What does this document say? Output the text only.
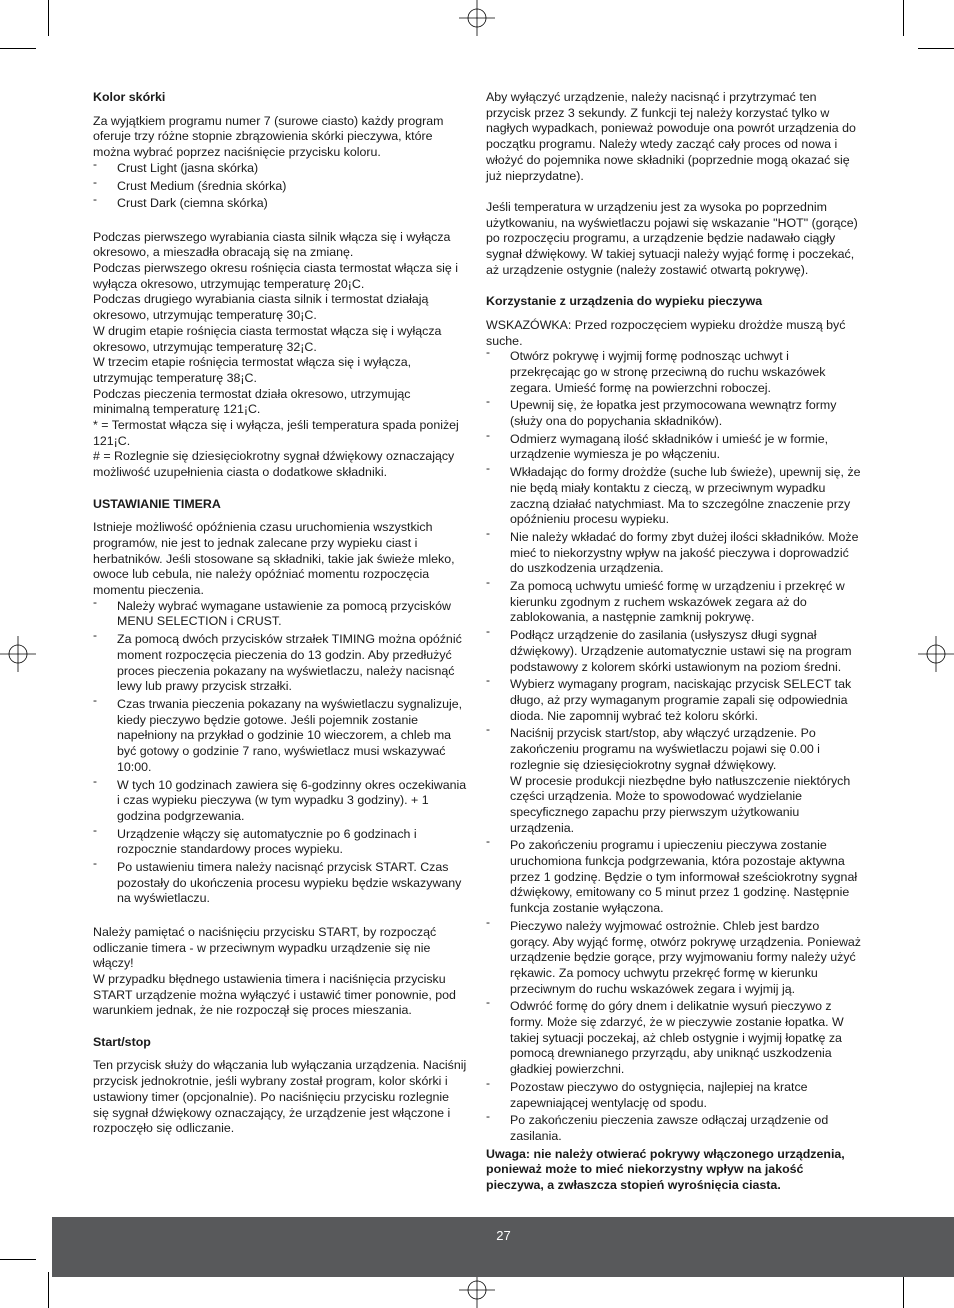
Kolor skórki

Za wyjątkiem programu numer 7 (surowe ciasto) każdy program oferuje trzy różne stopnie zbrązowienia skórki pieczywa, które można wybrać poprzez naciśnięcie przycisku koloru.

- Crust Light (jasna skórka)
- Crust Medium (średnia skórka)
- Crust Dark (ciemna skórka)

Podczas pierwszego wyrabiania ciasta silnik włącza się i wyłącza okresowo, a mieszadła obracają się na zmianę.

Podczas pierwszego okresu rośnięcia ciasta termostat włącza się i wyłącza okresowo, utrzymując temperaturę 20¡C.

Podczas drugiego wyrabiania ciasta silnik i termostat działają okresowo, utrzymując temperaturę 30¡C.

W drugim etapie rośnięcia ciasta termostat włącza się i wyłącza okresowo, utrzymując temperaturę 32¡C.

W trzecim etapie rośnięcia termostat włącza się i wyłącza, utrzymując temperaturę 38¡C.

Podczas pieczenia termostat działa okresowo, utrzymując minimalną temperaturę 121¡C.

* = Termostat włącza się i wyłącza, jeśli temperatura spada poniżej 121¡C.

# = Rozlegnie się dziesięciokrotny sygnał dźwiękowy oznaczający możliwość uzupełnienia ciasta o dodatkowe składniki.

USTAWIANIE TIMERA

Istnieje możliwość opóźnienia czasu uruchomienia wszystkich programów, nie jest to jednak zalecane przy wypieku ciast i herbatników. Jeśli stosowane są składniki, takie jak świeże mleko, owoce lub cebula, nie należy opóźniać momentu rozpoczęcia momentu pieczenia.

- Należy wybrać wymagane ustawienie za pomocą przycisków MENU SELECTION i CRUST.
- Za pomocą dwóch przycisków strzałek TIMING można opóźnić moment rozpoczęcia pieczenia do 13 godzin. Aby przedłużyć proces pieczenia pokazany na wyświetlaczu, należy nacisnąć lewy lub prawy przycisk strzałki.
- Czas trwania pieczenia pokazany na wyświetlaczu sygnalizuje, kiedy pieczywo będzie gotowe. Jeśli pojemnik zostanie napełniony na przykład o godzinie 10 wieczorem, a chleb ma być gotowy o godzinie 7 rano, wyświetlacz musi wskazywać 10:00.
- W tych 10 godzinach zawiera się 6-godzinny okres oczekiwania i czas wypieku pieczywa (w tym wypadku 3 godziny). + 1 godzina podgrzewania.
- Urządzenie włączy się automatycznie po 6 godzinach i rozpocznie standardowy proces wypieku.
- Po ustawieniu timera należy nacisnąć przycisk START. Czas pozostały do ukończenia procesu wypieku będzie wskazywany na wyświetlaczu.

Należy pamiętać o naciśnięciu przycisku START, by rozpocząć odliczanie timera - w przeciwnym wypadku urządzenie się nie włączy!

W przypadku błędnego ustawienia timera i naciśnięcia przycisku START urządzenie można wyłączyć i ustawić timer ponownie, pod warunkiem jednak, że nie rozpoczął się proces mieszania.

Start/stop

Ten przycisk służy do włączania lub wyłączania urządzenia. Naciśnij przycisk jednokrotnie, jeśli wybrany został program, kolor skórki i ustawiony timer (opcjonalnie). Po naciśnięciu przycisku rozlegnie się sygnał dźwiękowy oznaczający, że urządzenie jest włączone i rozpoczęło się odliczanie.

Aby wyłączyć urządzenie, należy nacisnąć i przytrzymać ten przycisk przez 3 sekundy. Z funkcji tej należy korzystać tylko w nagłych wypadkach, ponieważ powoduje ona powrót urządzenia do początku programu. Należy wtedy zacząć cały proces od nowa i włożyć do pojemnika nowe składniki (poprzednie mogą okazać się już nieprzydatne).

Jeśli temperatura w urządzeniu jest za wysoka po poprzednim użytkowaniu, na wyświetlaczu pojawi się wskazanie "HOT" (gorące) po rozpoczęciu programu, a urządzenie będzie nadawało ciągły sygnał dźwiękowy. W takiej sytuacji należy wyjąć formę i poczekać, aż urządzenie ostygnie (należy zostawić otwartą pokrywę).

Korzystanie z urządzenia do wypieku pieczywa

WSKAZÓWKA: Przed rozpoczęciem wypieku drożdże muszą być suche.

- Otwórz pokrywę i wyjmij formę podnosząc uchwyt i przekręcając go w stronę przeciwną do ruchu wskazówek zegara. Umieść formę na powierzchni roboczej.
- Upewnij się, że łopatka jest przymocowana wewnątrz formy (służy ona do popychania składników).
- Odmierz wymaganą ilość składników i umieść je w formie, urządzenie wymiesza je po włączeniu.
- Wkładając do formy drożdże (suche lub świeże), upewnij się, że nie będą miały kontaktu z cieczą, w przeciwnym wypadku zaczną działać natychmiast. Ma to szczególne znaczenie przy opóźnieniu procesu wypieku.
- Nie należy wkładać do formy zbyt dużej ilości składników. Może mieć to niekorzystny wpływ na jakość pieczywa i doprowadzić do uszkodzenia urządzenia.
- Za pomocą uchwytu umieść formę w urządzeniu i przekręć w kierunku zgodnym z ruchem wskazówek zegara aż do zablokowania, a następnie zamknij pokrywę.
- Podłącz urządzenie do zasilania (usłyszysz długi sygnał dźwiękowy). Urządzenie automatycznie ustawi się na program podstawowy z kolorem skórki ustawionym na poziom średni.
- Wybierz wymagany program, naciskając przycisk SELECT tak długo, aż przy wymaganym programie zapali się odpowiednia dioda. Nie zapomnij wybrać też koloru skórki.
- Naciśnij przycisk start/stop, aby włączyć urządzenie. Po zakończeniu programu na wyświetlaczu pojawi się 0.00 i rozlegnie się dziesięciokrotny sygnał dźwiękowy.
W procesie produkcji niezbędne było natłuszczenie niektórych części urządzenia. Może to spowodować wydzielanie specyficznego zapachu przy pierwszym użytkowaniu urządzenia.
- Po zakończeniu programu i upieczeniu pieczywa zostanie uruchomiona funkcja podgrzewania, która pozostaje aktywna przez 1 godzinę. Będzie o tym informował sześciokrotny sygnał dźwiękowy, emitowany co 5 minut przez 1 godzinę. Następnie funkcja zostanie wyłączona.
- Pieczywo należy wyjmować ostrożnie. Chleb jest bardzo gorący. Aby wyjąć formę, otwórz pokrywę urządzenia. Ponieważ urządzenie będzie gorące, przy wyjmowaniu formy należy użyć rękawic. Za pomocy uchwytu przekręć formę w kierunku przeciwnym do ruchu wskazówek zegara i wyjmij ją.
- Odwróć formę do góry dnem i delikatnie wysuń pieczywo z formy. Może się zdarzyć, że w pieczywie zostanie łopatka. W takiej sytuacji poczekaj, aż chleb ostygnie i wyjmij łopatkę za pomocą drewnianego przyrządu, aby uniknąć uszkodzenia gładkiej powierzchni.
- Pozostaw pieczywo do ostygnięcia, najlepiej na kratce zapewniającej wentylację od spodu.
- Po zakończeniu pieczenia zawsze odłączaj urządzenie od zasilania.

Uwaga: nie należy otwierać pokrywy włączonego urządzenia, ponieważ może to mieć niekorzystny wpływ na jakość pieczywa, a zwłaszcza stopień wyrośnięcia ciasta.

27
